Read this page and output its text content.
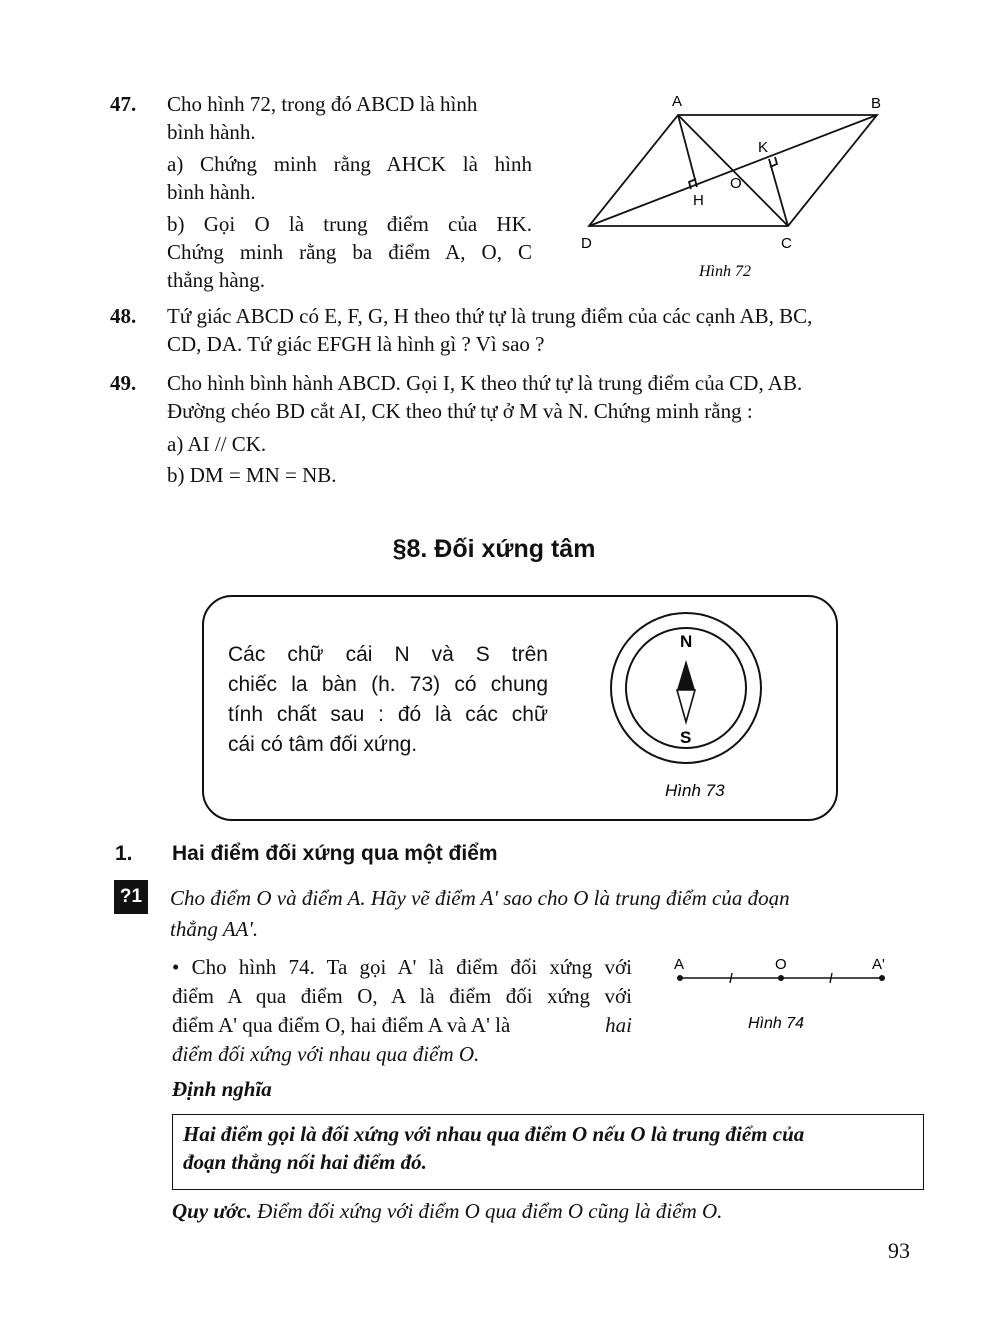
47. Cho hình 72, trong đó ABCD là hình

bình hành.

a) Chứng minh rằng AHCK là hình

bình hành.

b) Gọi O là trung điểm của HK.

Chứng minh rằng ba điểm A, O, C

thẳng hàng.

A	B
C
D
H
K
O
Hình 72
48. Tứ giác ABCD có E, F, G, H theo thứ tự là trung điểm của các cạnh AB, BC,

CD, DA. Tứ giác EFGH là hình gì ? Vì sao ?

49. Cho hình bình hành ABCD. Gọi I, K theo thứ tự là trung điểm của CD, AB.

Đường chéo BD cắt AI, CK theo thứ tự ở M và N. Chứng minh rằng :

a) AI // CK.

b) DM = MN = NB.

§8. Đối xứng tâm

Các chữ cái N và S trên

chiếc la bàn (h. 73) có chung

tính chất sau : đó là các chữ

cái có tâm đối xứng.

N
S
Hình 73
1. Hai điểm đối xứng qua một điểm
?1 Cho điểm O và điểm A. Hãy vẽ điểm A' sao cho O là trung điểm của đoạn

thẳng AA'.

• Cho hình 74. Ta gọi A' là điểm đối xứng với

điểm A qua điểm O, A là điểm đối xứng với

điểm A' qua điểm O, hai điểm A và A' là	hai

điểm đối xứng với nhau qua điểm O.

A	O	A'
Hình 74
Định nghĩa

Hai điểm gọi là đối xứng với nhau qua điểm O nếu O là trung điểm của

đoạn thẳng nối hai điểm đó.

Quy ước. Điểm đối xứng với điểm O qua điểm O cũng là điểm O.
93
